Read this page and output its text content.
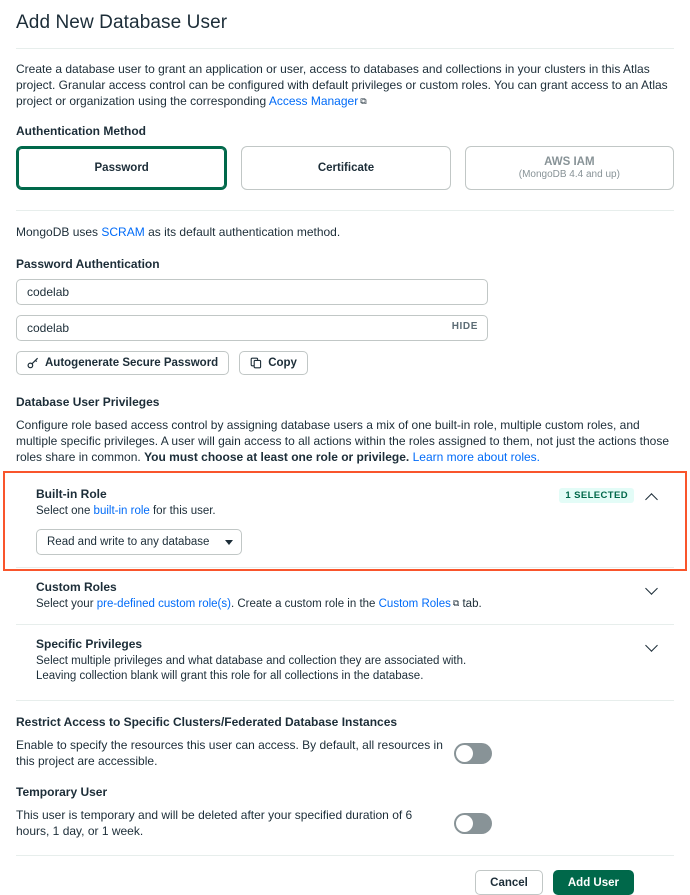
Add New Database User
Create a database user to grant an application or user, access to databases and collections in your clusters in this Atlas project. Granular access control can be configured with default privileges or custom roles. You can grant access to an Atlas project or organization using the corresponding Access Manager ⧉
Authentication Method
Password	Certificate	AWS IAM
(MongoDB 4.4 and up)
MongoDB uses SCRAM as its default authentication method.
Password Authentication
codelab
codelab
HIDE
Autogenerate Secure Password	Copy
Database User Privileges
Configure role based access control by assigning database users a mix of one built-in role, multiple custom roles, and multiple specific privileges. A user will gain access to all actions within the roles assigned to them, not just the actions those roles share in common. You must choose at least one role or privilege. Learn more about roles.
Built-in Role
Select one built-in role for this user.
1 SELECTED
Read and write to any database
Custom Roles
Select your pre-defined custom role(s). Create a custom role in the Custom Roles ⧉ tab.
Specific Privileges
Select multiple privileges and what database and collection they are associated with.
Leaving collection blank will grant this role for all collections in the database.
Restrict Access to Specific Clusters/Federated Database Instances
Enable to specify the resources this user can access. By default, all resources in this project are accessible.
Temporary User
This user is temporary and will be deleted after your specified duration of 6 hours, 1 day, or 1 week.
Cancel	Add User
